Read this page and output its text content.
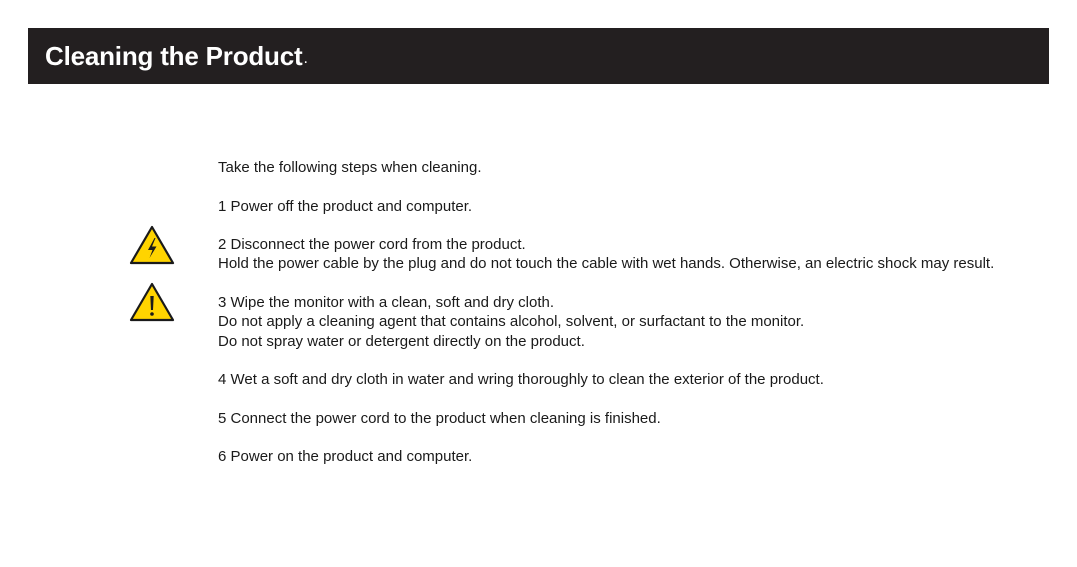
Cleaning the Product .

Take the following steps when cleaning.

1 Power off the product and computer.

2 Disconnect the power cord from the product.

Hold the power cable by the plug and do not touch the cable with wet hands. Otherwise, an electric shock may result.

3 Wipe the monitor with a clean, soft and dry cloth.

Do not apply a cleaning agent that contains alcohol, solvent, or surfactant to the monitor.

Do not spray water or detergent directly on the product.

4 Wet a soft and dry cloth in water and wring thoroughly to clean the exterior of the product.

5 Connect the power cord to the product when cleaning is finished.

6 Power on the product and computer.
